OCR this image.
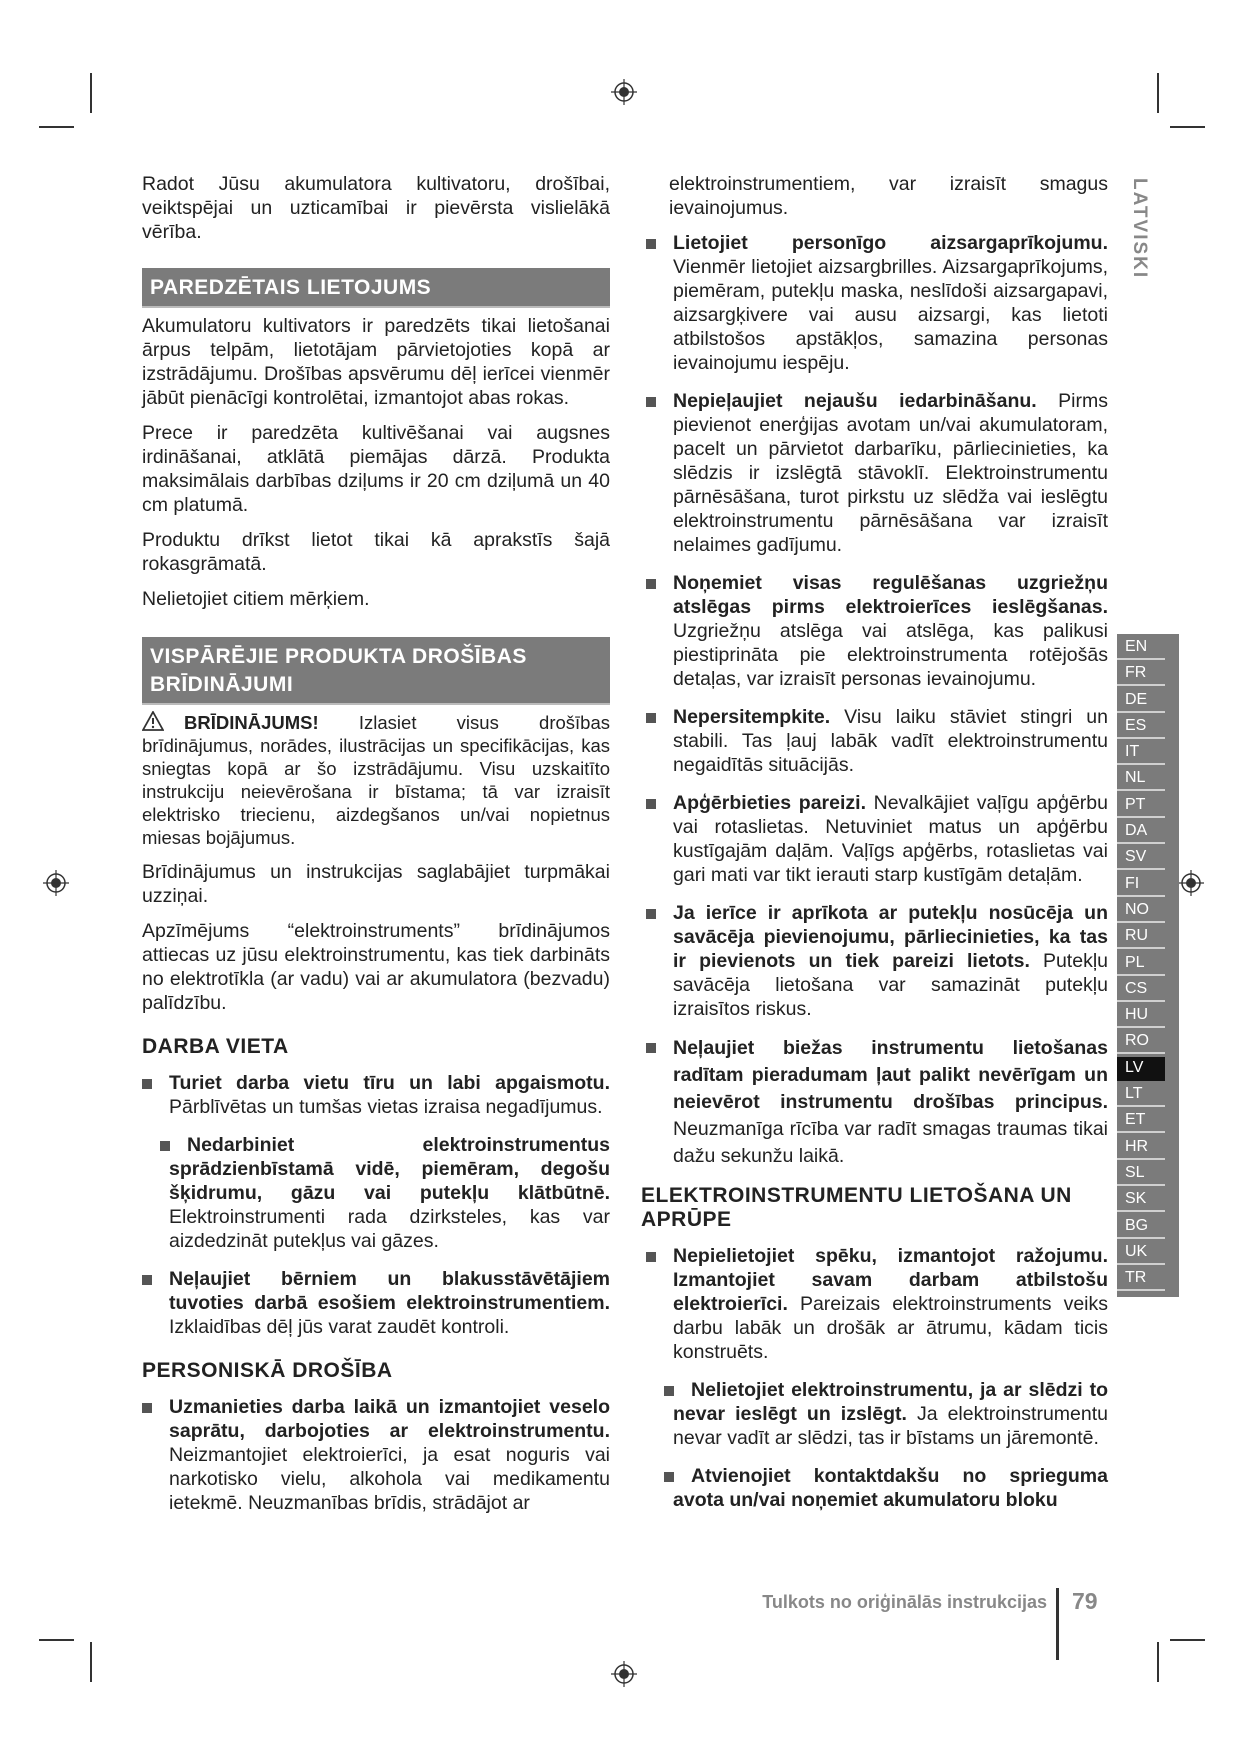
LATVISKI
EN
FR
DE
ES
IT
NL
PT
DA
SV
FI
NO
RU
PL
CS
HU
RO
LV
LT
ET
HR
SL
SK
BG
UK
TR

Radot Jūsu akumulatora kultivatoru, drošībai, veiktspējai un uzticamībai ir pievērsta vislielākā vērība.

PAREDZĒTAIS LIETOJUMS

Akumulatoru kultivators ir paredzēts tikai lietošanai ārpus telpām, lietotājam pārvietojoties kopā ar izstrādājumu. Drošības apsvērumu dēļ ierīcei vienmēr jābūt pienācīgi kontrolētai, izmantojot abas rokas.

Prece ir paredzēta kultivēšanai vai augsnes irdināšanai, atklātā piemājas dārzā. Produkta maksimālais darbības dziļums ir 20 cm dziļumā un 40 cm platumā.

Produktu drīkst lietot tikai kā aprakstīs šajā rokasgrāmatā.

Nelietojiet citiem mērķiem.

VISPĀRĒJIE PRODUKTA DROŠĪBAS BRĪDINĀJUMI

BRĪDINĀJUMS! Izlasiet visus drošības brīdinājumus, norādes, ilustrācijas un specifikācijas, kas sniegtas kopā ar šo izstrādājumu. Visu uzskaitīto instrukciju neievērošana ir bīstama; tā var izraisīt elektrisko triecienu, aizdegšanos un/vai nopietnus miesas bojājumus.

Brīdinājumus un instrukcijas saglabājiet turpmākai uzziņai.

Apzīmējums “elektroinstruments” brīdinājumos attiecas uz jūsu elektroinstrumentu, kas tiek darbināts no elektrotīkla (ar vadu) vai ar akumulatora (bezvadu) palīdzību.

DARBA VIETA
Turiet darba vietu tīru un labi apgaismotu. Pārblīvētas un tumšas vietas izraisa negadījumus.
Nedarbiniet elektroinstrumentus sprādzienbīstamā vidē, piemēram, degošu šķidrumu, gāzu vai putekļu klātbūtnē. Elektroinstrumenti rada dzirksteles, kas var aizdedzināt putekļus vai gāzes.
Neļaujiet bērniem un blakusstāvētājiem tuvoties darbā esošiem elektroinstrumentiem. Izklaidības dēļ jūs varat zaudēt kontroli.
PERSONISKĀ DROŠĪBA
Uzmanieties darba laikā un izmantojiet veselo saprātu, darbojoties ar elektroinstrumentu. Neizmantojiet elektroierīci, ja esat noguris vai narkotisko vielu, alkohola vai medikamentu ietekmē. Neuzmanības brīdis, strādājot ar

elektroinstrumentiem, var izraisīt smagus ievainojumus.

Lietojiet personīgo aizsargaprīkojumu. Vienmēr lietojiet aizsargbrilles. Aizsargaprīkojums, piemēram, putekļu maska, neslīdoši aizsargapavi, aizsargķivere vai ausu aizsargi, kas lietoti atbilstošos apstākļos, samazina personas ievainojumu iespēju.
Nepieļaujiet nejaušu iedarbināšanu. Pirms pievienot enerģijas avotam un/vai akumulatoram, pacelt un pārvietot darbarīku, pārliecinieties, ka slēdzis ir izslēgtā stāvoklī. Elektroinstrumentu pārnēsāšana, turot pirkstu uz slēdža vai ieslēgtu elektroinstrumentu pārnēsāšana var izraisīt nelaimes gadījumu.
Noņemiet visas regulēšanas uzgriežņu atslēgas pirms elektroierīces ieslēgšanas. Uzgriežņu atslēga vai atslēga, kas palikusi piestiprināta pie elektroinstrumenta rotējošās detaļas, var izraisīt personas ievainojumu.
Nepersitempkite. Visu laiku stāviet stingri un stabili. Tas ļauj labāk vadīt elektroinstrumentu negaidītās situācijās.
Apģērbieties pareizi. Nevalkājiet vaļīgu apģērbu vai rotaslietas. Netuviniet matus un apģērbu kustīgajām daļām. Vaļīgs apģērbs, rotaslietas vai gari mati var tikt ierauti starp kustīgām detaļām.
Ja ierīce ir aprīkota ar putekļu nosūcēja un savācēja pievienojumu, pārliecinieties, ka tas ir pievienots un tiek pareizi lietots. Putekļu savācēja lietošana var samazināt putekļu izraisītos riskus.
Neļaujiet biežas instrumentu lietošanas radītam pieradumam ļaut palikt nevērīgam un neievērot instrumentu drošības principus. Neuzmanīga rīcība var radīt smagas traumas tikai dažu sekunžu laikā.
ELEKTROINSTRUMENTU LIETOŠANA UN APRŪPE
Nepielietojiet spēku, izmantojot ražojumu. Izmantojiet savam darbam atbilstošu elektroierīci. Pareizais elektroinstruments veiks darbu labāk un drošāk ar ātrumu, kādam ticis konstruēts.
Nelietojiet elektroinstrumentu, ja ar slēdzi to nevar ieslēgt un izslēgt. Ja elektroinstrumentu nevar vadīt ar slēdzi, tas ir bīstams un jāremontē.
Atvienojiet kontaktdakšu no sprieguma avota un/vai noņemiet akumulatoru bloku
Tulkots no oriģinālās instrukcijas 79
